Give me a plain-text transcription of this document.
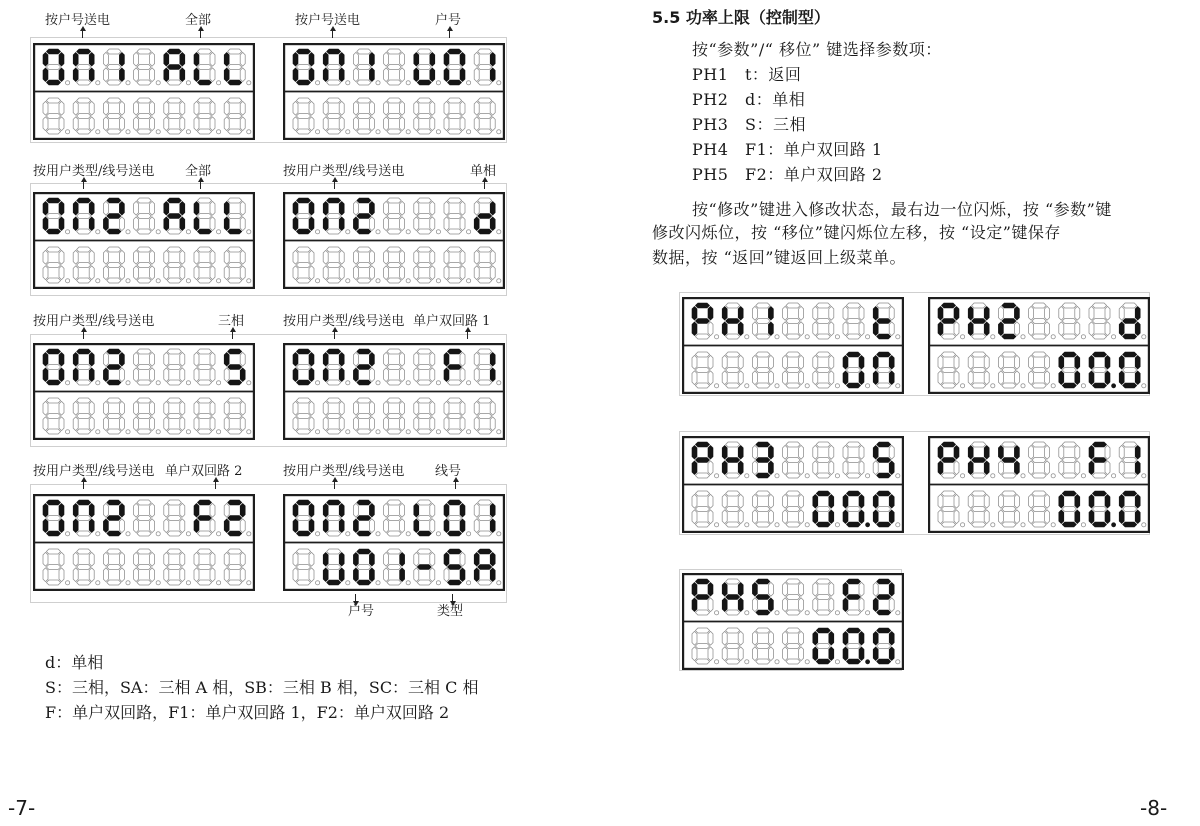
按户号送电	全部	按户号送电	户号
按用户类型/线号送电 全部	按用户类型/线号送电	单相
按用户类型/线号送电	三相	按用户类型/线号送电 单户双回路 1
按用户类型/线号送电 单户双回路 2	按用户类型/线号送电 线号
户号	类型
d：单相
S：三相，SA：三相 A 相，SB：三相 B 相，SC：三相 C 相
F：单户双回路，F1：单户双回路 1，F2：单户双回路 2
-7-
5.5 功率上限（控制型）
按“参数”/“ 移位” 键选择参数项：
PH1 t：返回
PH2 d：单相
PH3 S：三相
PH4 F1：单户双回路 1
PH5 F2：单户双回路 2
按“修改”键进入修改状态，最右边一位闪烁，按 “参数”键
修改闪烁位，按 “移位”键闪烁位左移，按 “设定”键保存
数据，按 “返回”键返回上级菜单。
-8-
